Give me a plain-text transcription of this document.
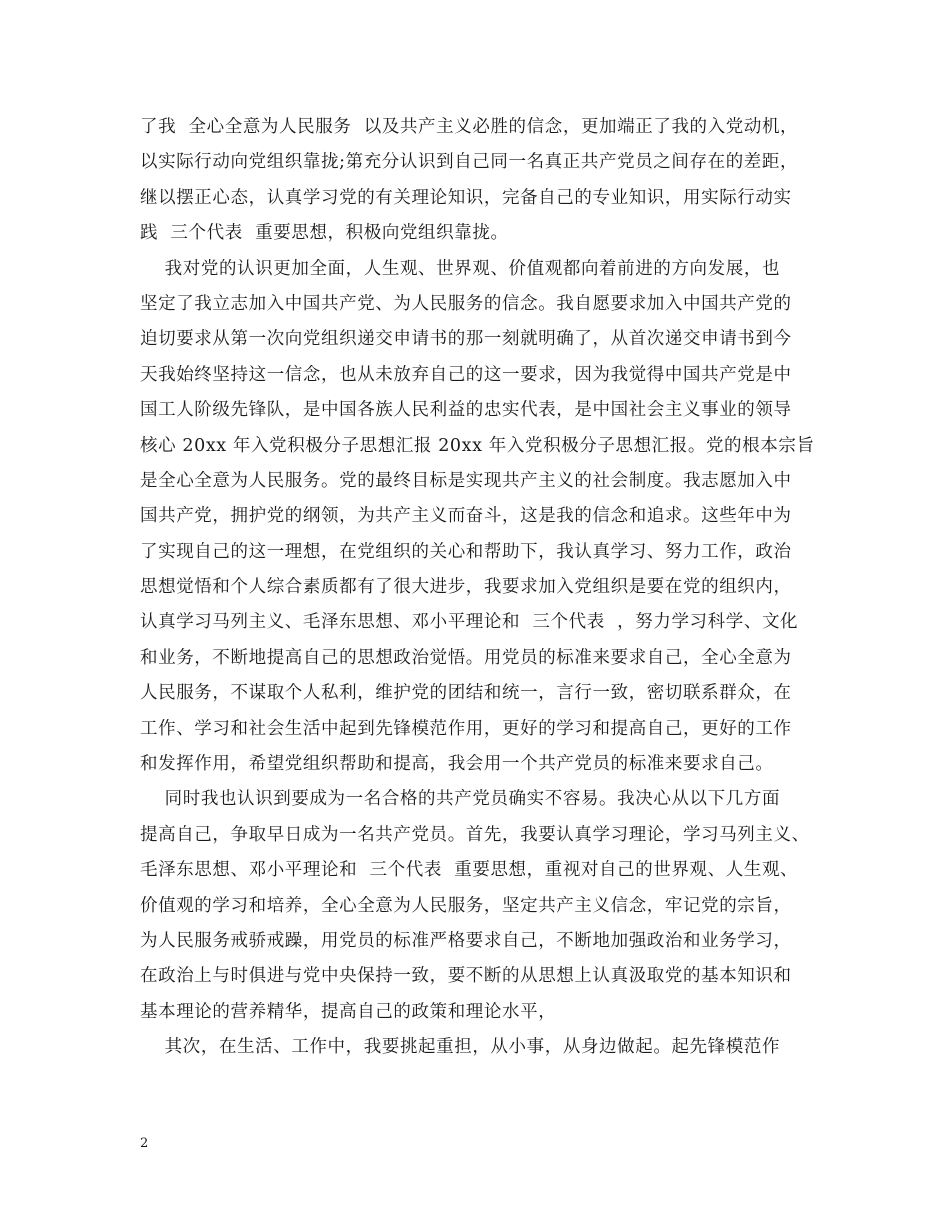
了我  全心全意为人民服务  以及共产主义必胜的信念，更加端正了我的入党动机，
以实际行动向党组织靠拢;第充分认识到自己同一名真正共产党员之间存在的差距，
继以摆正心态，认真学习党的有关理论知识，完备自己的专业知识，用实际行动实
践  三个代表  重要思想，积极向党组织靠拢。
我对党的认识更加全面，人生观、世界观、价值观都向着前进的方向发展，也
坚定了我立志加入中国共产党、为人民服务的信念。我自愿要求加入中国共产党的
迫切要求从第一次向党组织递交申请书的那一刻就明确了，从首次递交申请书到今
天我始终坚持这一信念，也从未放弃自己的这一要求，因为我觉得中国共产党是中
国工人阶级先锋队，是中国各族人民利益的忠实代表，是中国社会主义事业的领导
核心 20xx 年入党积极分子思想汇报 20xx 年入党积极分子思想汇报。党的根本宗旨
是全心全意为人民服务。党的最终目标是实现共产主义的社会制度。我志愿加入中
国共产党，拥护党的纲领，为共产主义而奋斗，这是我的信念和追求。这些年中为
了实现自己的这一理想，在党组织的关心和帮助下，我认真学习、努力工作，政治
思想觉悟和个人综合素质都有了很大进步，我要求加入党组织是要在党的组织内，
认真学习马列主义、毛泽东思想、邓小平理论和  三个代表  ，努力学习科学、文化
和业务，不断地提高自己的思想政治觉悟。用党员的标准来要求自己，全心全意为
人民服务，不谋取个人私利，维护党的团结和统一，言行一致，密切联系群众，在
工作、学习和社会生活中起到先锋模范作用，更好的学习和提高自己，更好的工作
和发挥作用，希望党组织帮助和提高，我会用一个共产党员的标准来要求自己。
同时我也认识到要成为一名合格的共产党员确实不容易。我决心从以下几方面
提高自己，争取早日成为一名共产党员。首先，我要认真学习理论，学习马列主义、
毛泽东思想、邓小平理论和  三个代表  重要思想，重视对自己的世界观、人生观、
价值观的学习和培养，全心全意为人民服务，坚定共产主义信念，牢记党的宗旨，
为人民服务戒骄戒躁，用党员的标准严格要求自己，不断地加强政治和业务学习，
在政治上与时俱进与党中央保持一致，要不断的从思想上认真汲取党的基本知识和
基本理论的营养精华，提高自己的政策和理论水平，
其次，在生活、工作中，我要挑起重担，从小事，从身边做起。起先锋模范作
2
